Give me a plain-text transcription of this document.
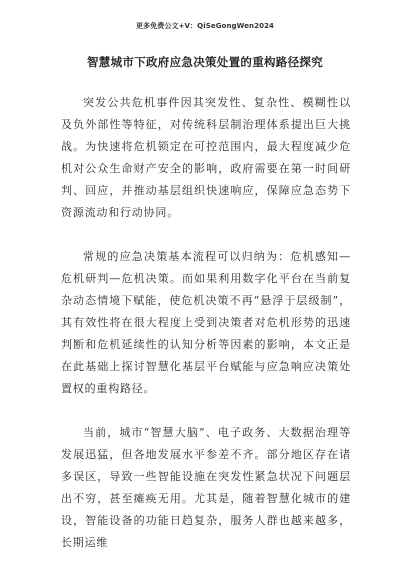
更多免费公文+V：QiSeGongWen2024
智慧城市下政府应急决策处置的重构路径探究

突发公共危机事件因其突发性、复杂性、模糊性以及负外部性等特征，对传统科层制治理体系提出巨大挑战。为快速将危机锁定在可控范围内，最大程度减少危机对公众生命财产安全的影响，政府需要在第一时间研判、回应，并推动基层组织快速响应，保障应急态势下资源流动和行动协同。

常规的应急决策基本流程可以归纳为：危机感知—危机研判—危机决策。而如果利用数字化平台在当前复杂动态情境下赋能，使危机决策不再“悬浮于层级制”，其有效性将在很大程度上受到决策者对危机形势的迅速判断和危机延续性的认知分析等因素的影响，本文正是在此基础上探讨智慧化基层平台赋能与应急响应决策处置权的重构路径。

当前，城市“智慧大脑”、电子政务、大数据治理等发展迅猛，但各地发展水平参差不齐。部分地区存在诸多误区，导致一些智能设施在突发性紧急状况下问题层出不穷，甚至瘫痪无用。尤其是，随着智慧化城市的建设，智能设备的功能日趋复杂，服务人群也越来越多，长期运维
